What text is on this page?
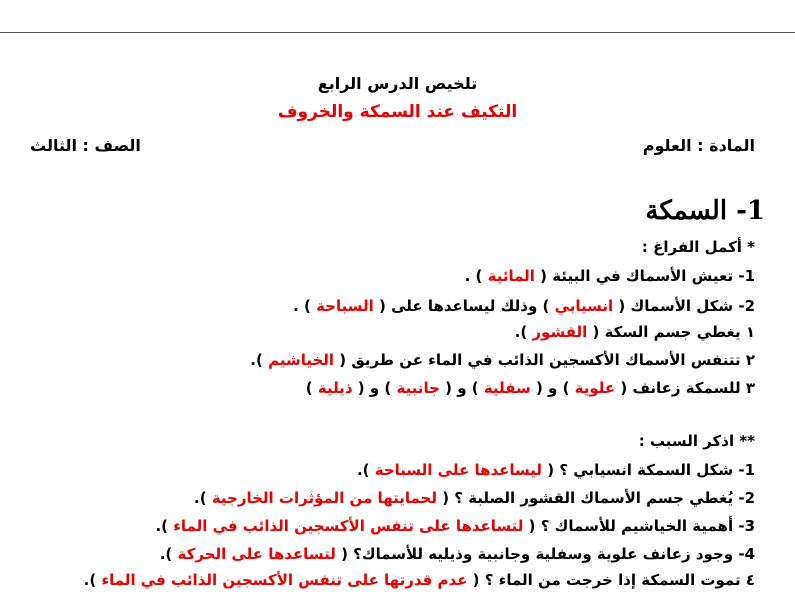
تلخيص الدرس الرابع
التكيف عند السمكة والخروف
المادة : العلوم
الصف : الثالث
1- السمكة
* أكمل الفراغ :
1- تعيش الأسماك في البيئة ( المائية ) .
2- شكل الأسماك ( انسيابي ) وذلك ليساعدها على ( السباحة ) .
١ يغطي جسم السكة ( القشور ).
٢ تتنفس الأسماك الأكسجين الذائب في الماء عن طريق ( الخياشيم ).
٣ للسمكة زعانف ( علوية ) و ( سفلية ) و ( جانبية ) و ( ذيلية )
** اذكر السبب :
1- شكل السمكة انسيابي ؟ ( ليساعدها على السباحة ).
2- يُغطي جسم الأسماك القشور الصلبة ؟ ( لحمايتها من المؤثرات الخارجية ).
3- أهمية الخياشيم للأسماك ؟ ( لتساعدها على تنفس الأكسجين الذائب في الماء ).
4- وجود زعانف علوية وسفلية وجانبية وذيليه للأسماك؟ ( لتساعدها على الحركة ).
٤ تموت السمكة إذا خرجت من الماء ؟ ( عدم قدرتها على تنفس الأكسجين الذائب في الماء ).
